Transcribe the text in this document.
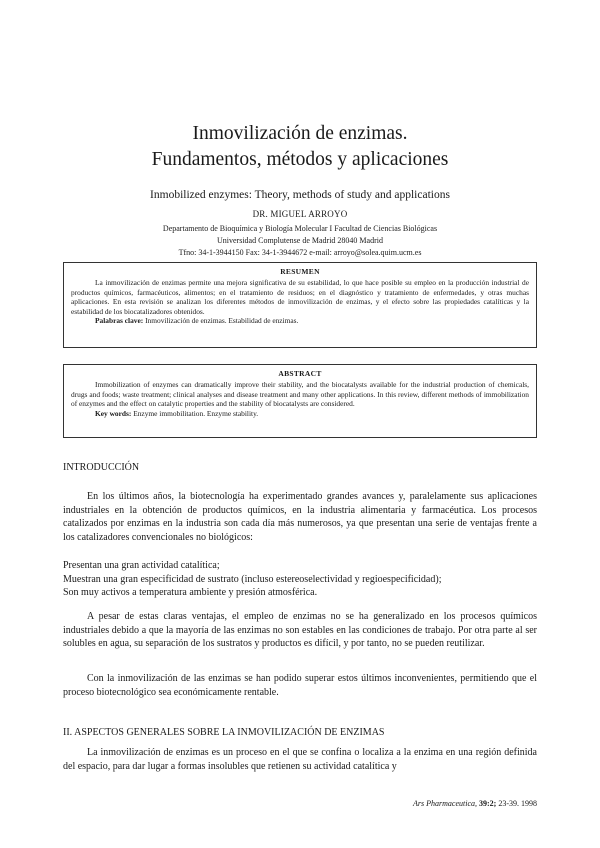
Inmovilización de enzimas.
Fundamentos, métodos y aplicaciones
Inmobilized enzymes: Theory, methods of study and applications
DR. MIGUEL ARROYO
Departamento de Bioquímica y Biología Molecular I Facultad de Ciencias Biológicas
Universidad Complutense de Madrid 28040 Madrid
Tfno: 34-1-3944150 Fax: 34-1-3944672 e-mail: arroyo@solea.quim.ucm.es
RESUMEN
La inmovilización de enzimas permite una mejora significativa de su estabilidad, lo que hace posible su empleo en la producción industrial de productos químicos, farmacéuticos, alimentos; en el tratamiento de residuos; en el diagnóstico y tratamiento de enfermedades, y otras muchas aplicaciones. En esta revisión se analizan los diferentes métodos de inmovilización de enzimas, y el efecto sobre las propiedades catalíticas y la estabilidad de los biocatalizadores obtenidos.
Palabras clave: Inmovilización de enzimas. Estabilidad de enzimas.
ABSTRACT
Immobilization of enzymes can dramatically improve their stability, and the biocatalysts available for the industrial production of chemicals, drugs and foods; waste treatment; clinical analyses and disease treatment and many other applications. In this review, different methods of immobilization of enzymes and the effect on catalytic properties and the stability of biocatalysts are considered.
Key words: Enzyme immobilitation. Enzyme stability.
INTRODUCCIÓN
En los últimos años, la biotecnología ha experimentado grandes avances y, paralelamente sus aplicaciones industriales en la obtención de productos químicos, en la industria alimentaria y farmacéutica. Los procesos catalizados por enzimas en la industria son cada día más numerosos, ya que presentan una serie de ventajas frente a los catalizadores convencionales no biológicos:
Presentan una gran actividad catalítica;
Muestran una gran especificidad de sustrato (incluso estereoselectividad y regioespecificidad);
Son muy activos a temperatura ambiente y presión atmosférica.
A pesar de estas claras ventajas, el empleo de enzimas no se ha generalizado en los procesos químicos industriales debido a que la mayoría de las enzimas no son estables en las condiciones de trabajo. Por otra parte al ser solubles en agua, su separación de los sustratos y productos es difícil, y por tanto, no se pueden reutilizar.
Con la inmovilización de las enzimas se han podido superar estos últimos inconvenientes, permitiendo que el proceso biotecnológico sea económicamente rentable.
II. ASPECTOS GENERALES SOBRE LA INMOVILIZACIÓN DE ENZIMAS
La inmovilización de enzimas es un proceso en el que se confina o localiza a la enzima en una región definida del espacio, para dar lugar a formas insolubles que retienen su actividad catalítica y
Ars Pharmaceutica, 39:2; 23-39. 1998
